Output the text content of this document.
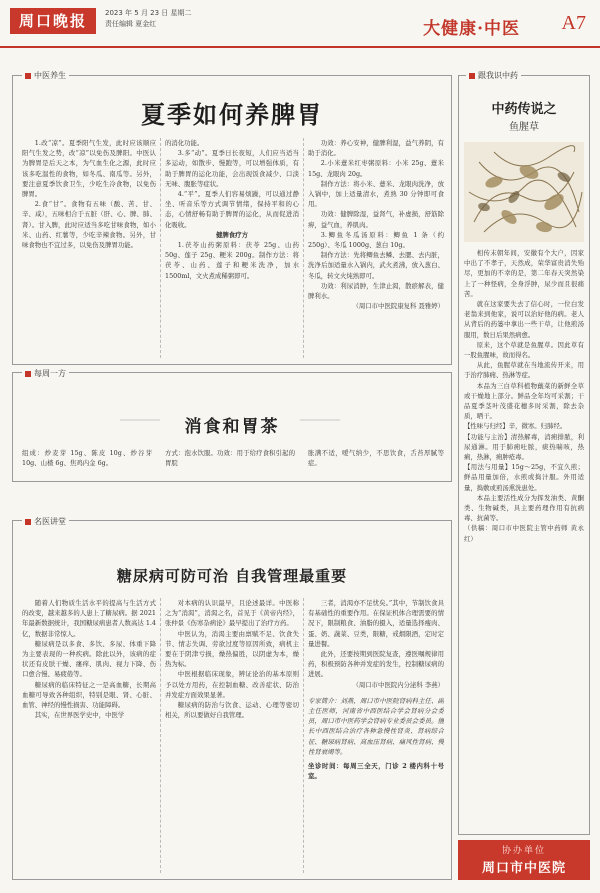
周口晚报	2023 年 5 月 23 日 星期二
责任编辑 夏金红	大健康·中医 A7
中医养生
每周一方
名医讲堂
跟我识中药
夏季如何养脾胃
消食和胃茶
糖尿病可防可治 自我管理最重要

1.改“凉”。夏季阳气生发，此时应该顺应阳气生发之势，改“凉”以免伤及脾阳。中医认为脾胃是后天之本，为气血生化之源，此时应该多吃温性的食物，如冬瓜、南瓜等。另外，要注意夏季饮食卫生，少吃生冷食物，以免伤脾胃。

2.食“甘”。食物有五味（酸、苦、甘、辛、咸），五味相合于五脏（肝、心、脾、肺、肾）。甘入脾，此时应适当多吃甘味食物，如小米、山药、红薯等，少吃辛辣食物。另外，甘味食物也不宜过多，以免伤及脾胃功能。

的消化功能。

3.多“动”。夏季日长夜短，人们应当适当多运动，如散步、慢跑等，可以增强体质，有助于脾胃的运化功能，会出现饭食减少、口淡无味、腹胀等症状。

4.“平”。夏季人们容易烦躁，可以通过静坐、听音乐等方式调节情绪，保持平和的心态，心情舒畅有助于脾胃的运化，从而促进消化吸收。

健脾食疗方

1.茯苓山药粥原料：茯苓 25g、山药 50g、莲子 25g、粳米 200g。制作方法：将茯苓、山药、莲子和粳米洗净，加水 1500ml，文火煮成稀粥即可。

功效：养心安神，健脾利湿，益气养阴，有助于消化。

2.小米薏米红枣粥原料：小米 25g、薏米 15g、龙眼肉 20g。

制作方法：将小米、薏米、龙眼肉洗净，放入锅中，加上适量清水，煮熟 30 分钟即可食用。

功效：健脾除湿，益肾气，补虚损，舒筋除痹，益气血，养肌肉。

3.鲫鱼冬瓜汤原料：鲫鱼 1 条（约 250g）、冬瓜 1000g、葱白 10g。

制作方法：先将鲫鱼去鳞、去腮、去内脏，洗净后加适量水入锅内，武火煮沸，放入葱白、冬瓜，转文火炖熟即可。

功效：利尿消肿，生津止渴，散瘀解表，健脾利水。

（周口市中医院康复科 聂雅婷）

组成：炒麦芽 15g、陈皮 10g、炒谷芽 10g、山楂 6g、焦鸡内金 6g。
方式：泡水饮服。功效：用于给疗食积引起的胃脘
胀满不适，嗳气纳少，不思饮食，舌苔厚腻等症。

随着人们物质生活水平的提高与生活方式的改变，越来越多的人患上了糖尿病。据 2021 年最新数据统计，我国糖尿病患者人数高达 1.4 亿，数据非常惊人。

糖尿病是以多食、多饮、多尿、体重下降为主要表现的一种疾病。除此以外，该病的症状还有皮肤干燥、瘙痒、肌肉、视力下降、伤口愈合慢、易疲倦等。

糖尿病的临床特征之一是高血糖，长期高血糖可导致各种组织，特别是眼、肾、心脏、血管、神经的慢性损害、功能障碍。

其实，在世界医学史中，中医学

对本病的认识最早，且论述最详。中医称之为“消渴”，消渴之名，首见于《黄帝内经》，张仲景《伤寒杂病论》最早提出了治疗方药。

中医认为，消渴主要由禀赋不足、饮食失节、情志失调、劳欲过度等原因所致，病机主要在于阴津亏损，燥热偏胜，以阴虚为本，燥热为标。

中医根据临床现象，辨证论治的基本原则予以处方用药，在控制血糖、改善症状、防治并发症方面效果显著。

糖尿病的防治与饮食、运动、心理等密切相关，所以要做好自我管理。

三者，消渴亦不足忧矣。”其中，节制饮食具有基础性的重要作用。在保证机体合理需要的情况下，限制粮食、油脂的摄入，适量选择瘦肉、蛋、奶、蔬菜、豆类，限糖，戒烟限酒，定时定量进餐。

此外，还要按期到医院复查，遵医嘱规律用药，积极预防各种并发症的发生，控制糖尿病的进展。

（周口市中医院内分泌科 李燕）

专家简介：刘燕，周口市中医院肾病科主任、副主任医师，河南省中西医结合学会肾病分会委员，周口市中医药学会肾病专业委员会委员。擅长中西医结合治疗各种急慢性肾炎、肾病综合征、糖尿病肾病、高血压肾病、痛风性肾病、慢性肾衰竭等。

坐诊时间：每周三全天，门诊 2 楼内科十号室。

中药传说之
鱼腥草

相传末朝年间，安徽有个大户，因家中出了不孝子，天然成，荣华富贵消失殆尽，更加的不幸的是，第二年春天突然染上了一种怪病，全身浮肿，尿少而且很痛苦。

就在这家要失去了信心时，一位白发老翁来到他家，说可以治好他的病。老人从背后的药篓中拿出一些干草，让他煎汤服用，数日后果然病愈。

原来，这个草就是鱼腥草。因此草有一股鱼腥味，故而得名。

从此，鱼腥草就在当地流传开来，用于治疗肺痈、热淋等症。

本品为三白草科植物蕺菜的新鲜全草或干燥地上部分。鲜品全年均可采割；干品夏季茎叶茂盛花穗多时采割，除去杂质，晒干。

【性味与归经】辛，微寒。归肺经。

【功能与主治】清热解毒，消痈排脓，利尿通淋。用于肺痈吐脓，痰热喘咳，热痢，热淋，痈肿疮毒。

【用法与用量】15g～25g，不宜久煎；鲜品用量加倍，水煎或捣汁服。外用适量，捣敷或煎汤熏洗患处。

本品主要活性成分为挥发油类、黄酮类、生物碱类，具主要药理作用有抗病毒、抗菌等。

（供稿：周口市中医院主管中药师 黄永红）

协办单位
周口市中医院
